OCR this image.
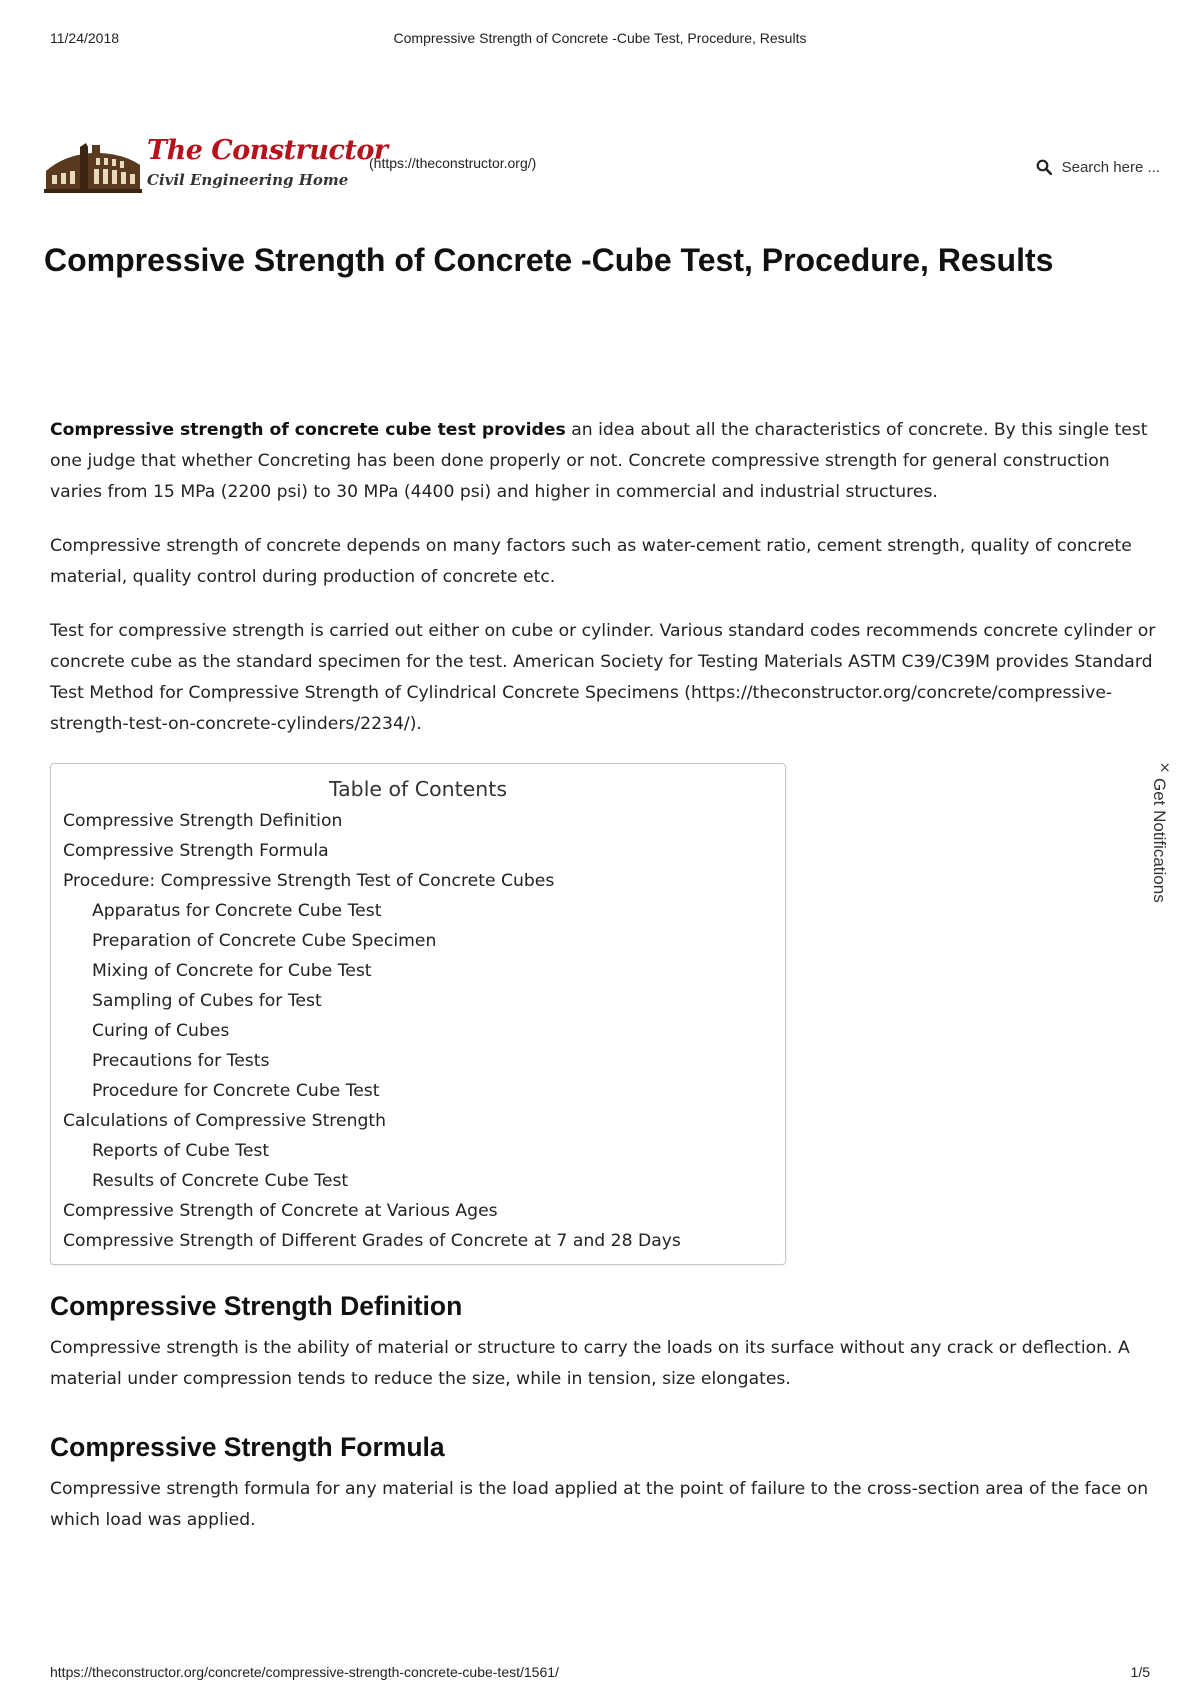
11/24/2018	Compressive Strength of Concrete -Cube Test, Procedure, Results
The Constructor
Civil Engineering Home
(https://theconstructor.org/)	Search here ...
Compressive Strength of Concrete -Cube Test, Procedure, Results

Compressive strength of concrete cube test provides an idea about all the characteristics of concrete. By this single test one judge that whether Concreting has been done properly or not. Concrete compressive strength for general construction varies from 15 MPa (2200 psi) to 30 MPa (4400 psi) and higher in commercial and industrial structures.

Compressive strength of concrete depends on many factors such as water-cement ratio, cement strength, quality of concrete material, quality control during production of concrete etc.

Test for compressive strength is carried out either on cube or cylinder. Various standard codes recommends concrete cylinder or concrete cube as the standard specimen for the test. American Society for Testing Materials ASTM C39/C39M provides Standard Test Method for Compressive Strength of Cylindrical Concrete Specimens (https://theconstructor.org/concrete/compressive-strength-test-on-concrete-cylinders/2234/).

Table of Contents
Compressive Strength Definition
Compressive Strength Formula
Procedure: Compressive Strength Test of Concrete Cubes
Apparatus for Concrete Cube Test
Preparation of Concrete Cube Specimen
Mixing of Concrete for Cube Test
Sampling of Cubes for Test
Curing of Cubes
Precautions for Tests
Procedure for Concrete Cube Test
Calculations of Compressive Strength
Reports of Cube Test
Results of Concrete Cube Test
Compressive Strength of Concrete at Various Ages
Compressive Strength of Different Grades of Concrete at 7 and 28 Days
Compressive Strength Definition

Compressive strength is the ability of material or structure to carry the loads on its surface without any crack or deflection. A material under compression tends to reduce the size, while in tension, size elongates.

Compressive Strength Formula

Compressive strength formula for any material is the load applied at the point of failure to the cross-section area of the face on which load was applied.

×
Get Notifications
https://theconstructor.org/concrete/compressive-strength-concrete-cube-test/1561/	1/5
